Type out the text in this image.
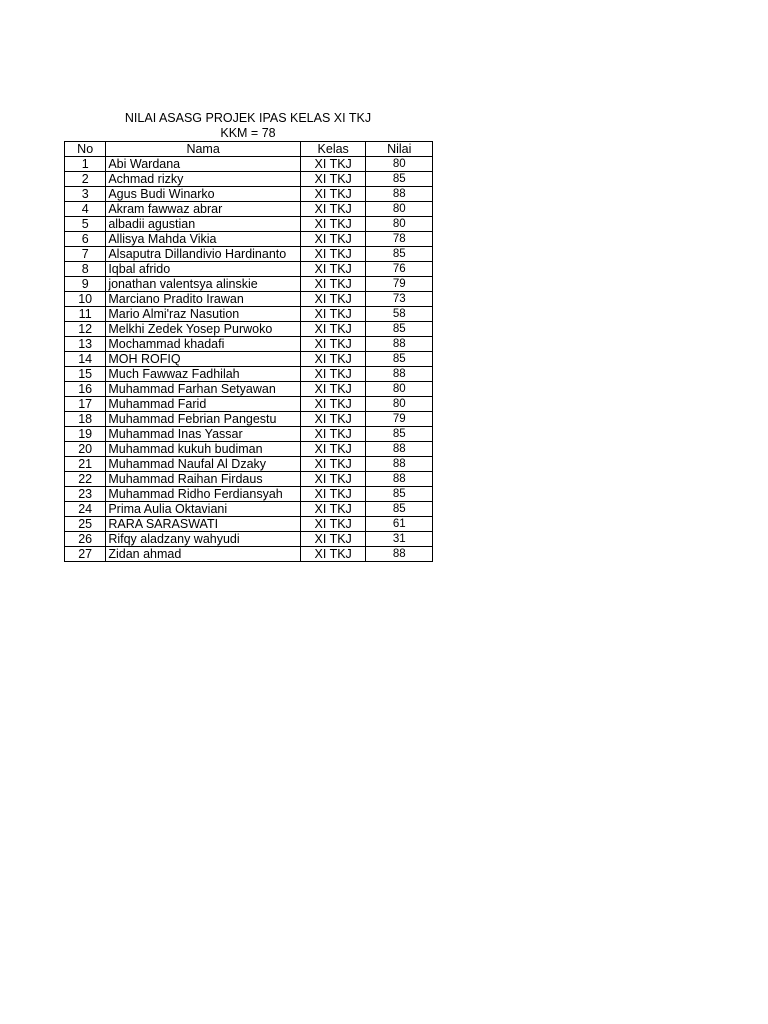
NILAI ASASG PROJEK IPAS KELAS XI TKJ
KKM = 78
No	Nama	Kelas	Nilai
1	Abi Wardana	XI TKJ	80
2	Achmad rizky	XI TKJ	85
3	Agus Budi Winarko	XI TKJ	88
4	Akram fawwaz abrar	XI TKJ	80
5	albadii agustian	XI TKJ	80
6	Allisya Mahda Vikia	XI TKJ	78
7	Alsaputra Dillandivio Hardinanto	XI TKJ	85
8	Iqbal afrido	XI TKJ	76
9	jonathan valentsya alinskie	XI TKJ	79
10	Marciano Pradito Irawan	XI TKJ	73
11	Mario Almi'raz Nasution	XI TKJ	58
12	Melkhi Zedek Yosep Purwoko	XI TKJ	85
13	Mochammad khadafi	XI TKJ	88
14	MOH ROFIQ	XI TKJ	85
15	Much Fawwaz Fadhilah	XI TKJ	88
16	Muhammad Farhan Setyawan	XI TKJ	80
17	Muhammad Farid	XI TKJ	80
18	Muhammad Febrian Pangestu	XI TKJ	79
19	Muhammad Inas Yassar	XI TKJ	85
20	Muhammad kukuh budiman	XI TKJ	88
21	Muhammad Naufal Al Dzaky	XI TKJ	88
22	Muhammad Raihan Firdaus	XI TKJ	88
23	Muhammad Ridho Ferdiansyah	XI TKJ	85
24	Prima Aulia Oktaviani	XI TKJ	85
25	RARA SARASWATI	XI TKJ	61
26	Rifqy aladzany wahyudi	XI TKJ	31
27	Zidan ahmad	XI TKJ	88
